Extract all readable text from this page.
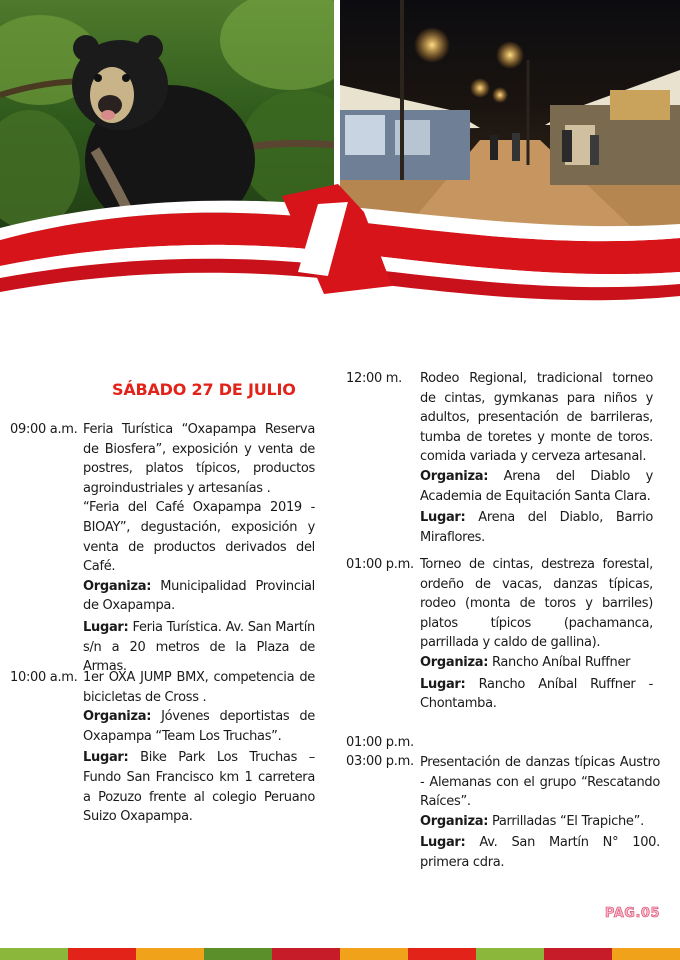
SÁBADO 27 DE JULIO
09:00 a.m. Feria Turística “Oxapampa Reserva de Biosfera”, exposición y venta de postres, platos típicos, productos agroindustriales y artesanías .

“Feria del Café Oxapampa 2019 - BIOAY”, degustación, exposición y venta de productos derivados del Café.

Organiza: Municipalidad Provincial de Oxapampa.

Lugar: Feria Turística. Av. San Martín s/n a 20 metros de la Plaza de Armas.

10:00 a.m. 1er OXA JUMP BMX, competencia de bicicletas de Cross .

Organiza: Jóvenes deportistas de Oxapampa “Team Los Truchas”.

Lugar: Bike Park Los Truchas – Fundo San Francisco km 1 carretera a Pozuzo frente al colegio Peruano Suizo Oxapampa.

12:00 m. Rodeo Regional, tradicional torneo de cintas, gymkanas para niños y adultos, presentación de barrileras, tumba de toretes y monte de toros. comida variada y cerveza artesanal.

Organiza: Arena del Diablo y Academia de Equitación Santa Clara.

Lugar: Arena del Diablo, Barrio Miraflores.

01:00 p.m. Torneo de cintas, destreza forestal, ordeño de vacas, danzas típicas, rodeo (monta de toros y barriles) platos típicos (pachamanca, parrillada y caldo de gallina).

Organiza: Rancho Aníbal Ruffner

Lugar: Rancho Aníbal Ruffner - Chontamba.

01:00 p.m.
03:00 p.m. Presentación de danzas típicas Austro - Alemanas con el grupo “Rescatando Raíces”.

Organiza: Parrilladas “El Trapiche”.

Lugar: Av. San Martín N° 100. primera cdra.

PAG.05
